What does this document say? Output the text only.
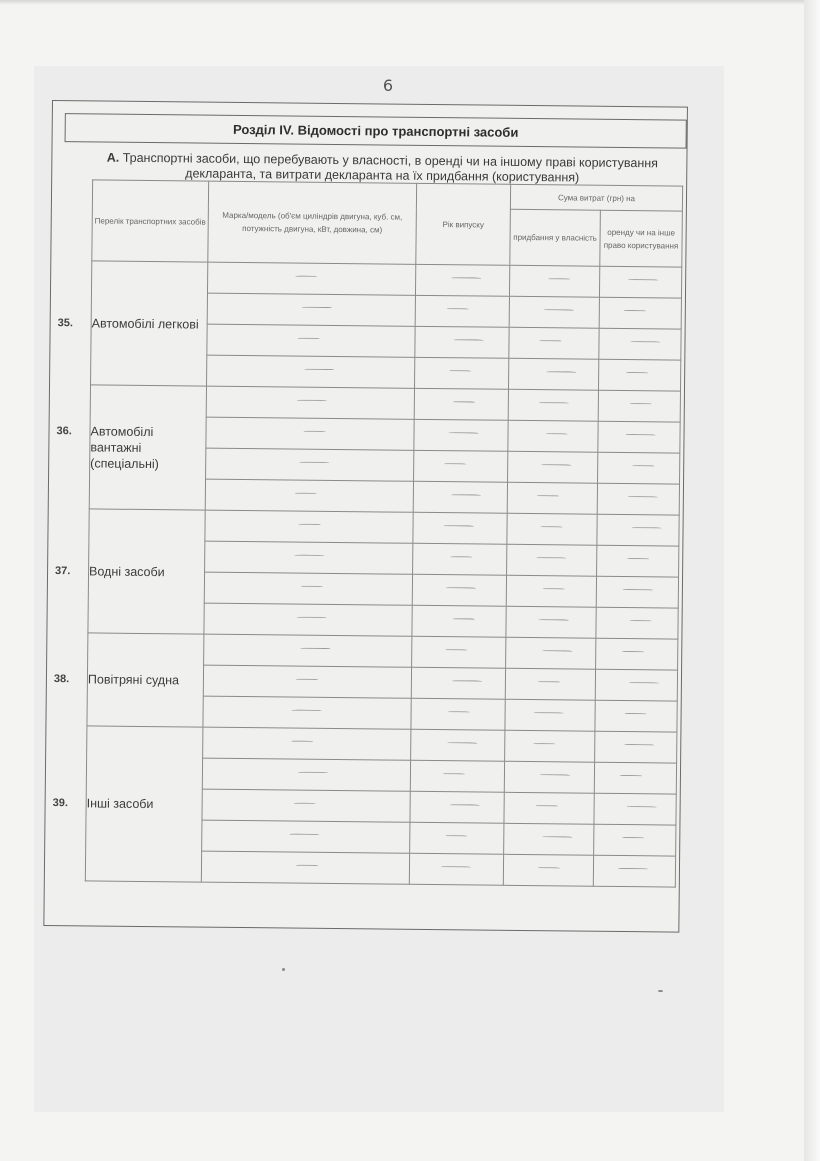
6
Розділ IV. Відомості про транспортні засоби
А. Транспортні засоби, що перебувають у власності, в оренді чи на іншому праві користування декларанта, та витрати декларанта на їх придбання (користування)
Перелік транспортних засобів	Марка/модель (об'єм циліндрів двигуна, куб. см, потужність двигуна, кВт, довжина, см)	Рік випуску	Сума витрат (грн) на	
			придбання у власність	оренду чи на інше право користування

35. Автомобілі легкові	

36. Автомобілі вантажні (спеціальні)	

37. Водні засоби	

38. Повітряні судна	

39. Інші засоби	
